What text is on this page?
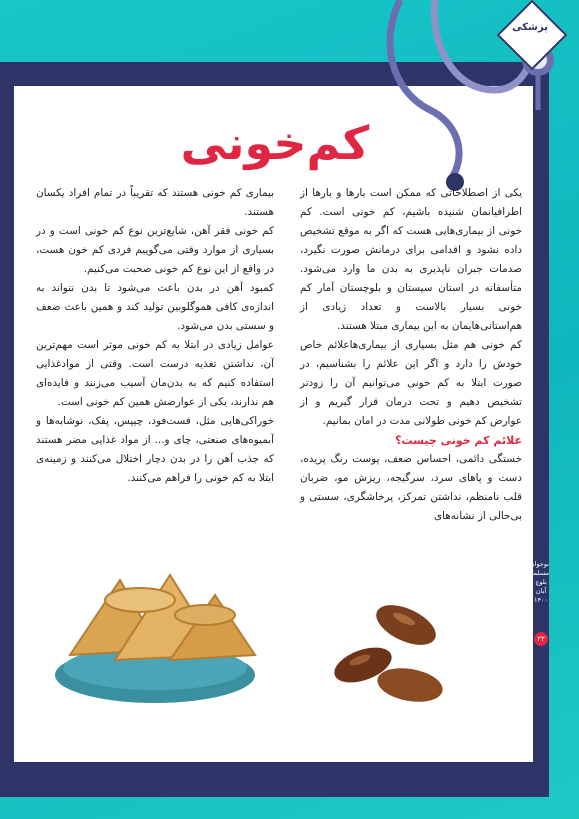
پزشکی
کم‌خونی

یکی از اصطلاحاتی که ممکن است بارها و بارها از اطرافیانمان شنیده باشیم، کم خونی است. کم خونی از بیماری‌هایی هست که اگر به موقع تشخیص داده نشود و اقدامی برای درمانش صورت نگیرد، صدمات جبران ناپذیری به بدن ما وارد می‌شود. متأسفانه در استان سیستان و بلوچستان آمار کم خونی بسیار بالاست و تعداد زیادی از هم‌استانی‌هایمان به این بیماری مبتلا هستند.

کم خونی هم مثل بسیاری از بیماری‌هاعلائم خاص خودش را دارد و اگر این علائم را بشناسیم، در صورت ابتلا به کم خونی می‌توانیم آن را زودتر تشخیص دهیم و تحت درمان قرار گیریم و از عوارض کم خونی طولانی مدت در امان بمانیم.

علائم کم خونی چیست؟

خستگی دائمی، احساس ضعف، پوست رنگ پریده، دست و پاهای سرد، سرگیجه، ریزش مو، ضربان قلب نامنظم، نداشتن تمرکز، پرخاشگری، سستی و بی‌حالی از نشانه‌های

بیماری کم خونی هستند که تقریباً در تمام افراد یکسان هستند.

کم خونی فقر آهن، شایع‌ترین نوع کم خونی است و در بسیاری از موارد وقتی می‌گوییم فردی کم خون هست، در واقع از این نوع کم خونی صحبت می‌کنیم.

کمبود آهن در بدن باعث می‌شود تا بدن نتواند به اندازه‌ی کافی هموگلوبین تولید کند و همین باعث ضعف و سستی بدن می‌شود.

عوامل زیادی در ابتلا به کم خونی موثر است مهم‌ترین آن، نداشتن تغذیه درست است. وقتی از موادغذایی استفاده کنیم که به بدن‌مان آسیب می‌زنند و فایده‌ای هم ندارند، یکی از عوارضش همین کم خونی است.

خوراکی‌هایی مثل، فست‌فود، چیپس، پفک، نوشابه‌ها و آبمیوه‌های صنعتی، چای و... از مواد غذایی مضر هستند که جذب آهن را در بدن دچار اختلال می‌کنند و زمینه‌ی ابتلا به کم خونی را فراهم می‌کنند.

نوجوان مسلمان
بلوچ
آبان ۱۴۰۰
۲۳
